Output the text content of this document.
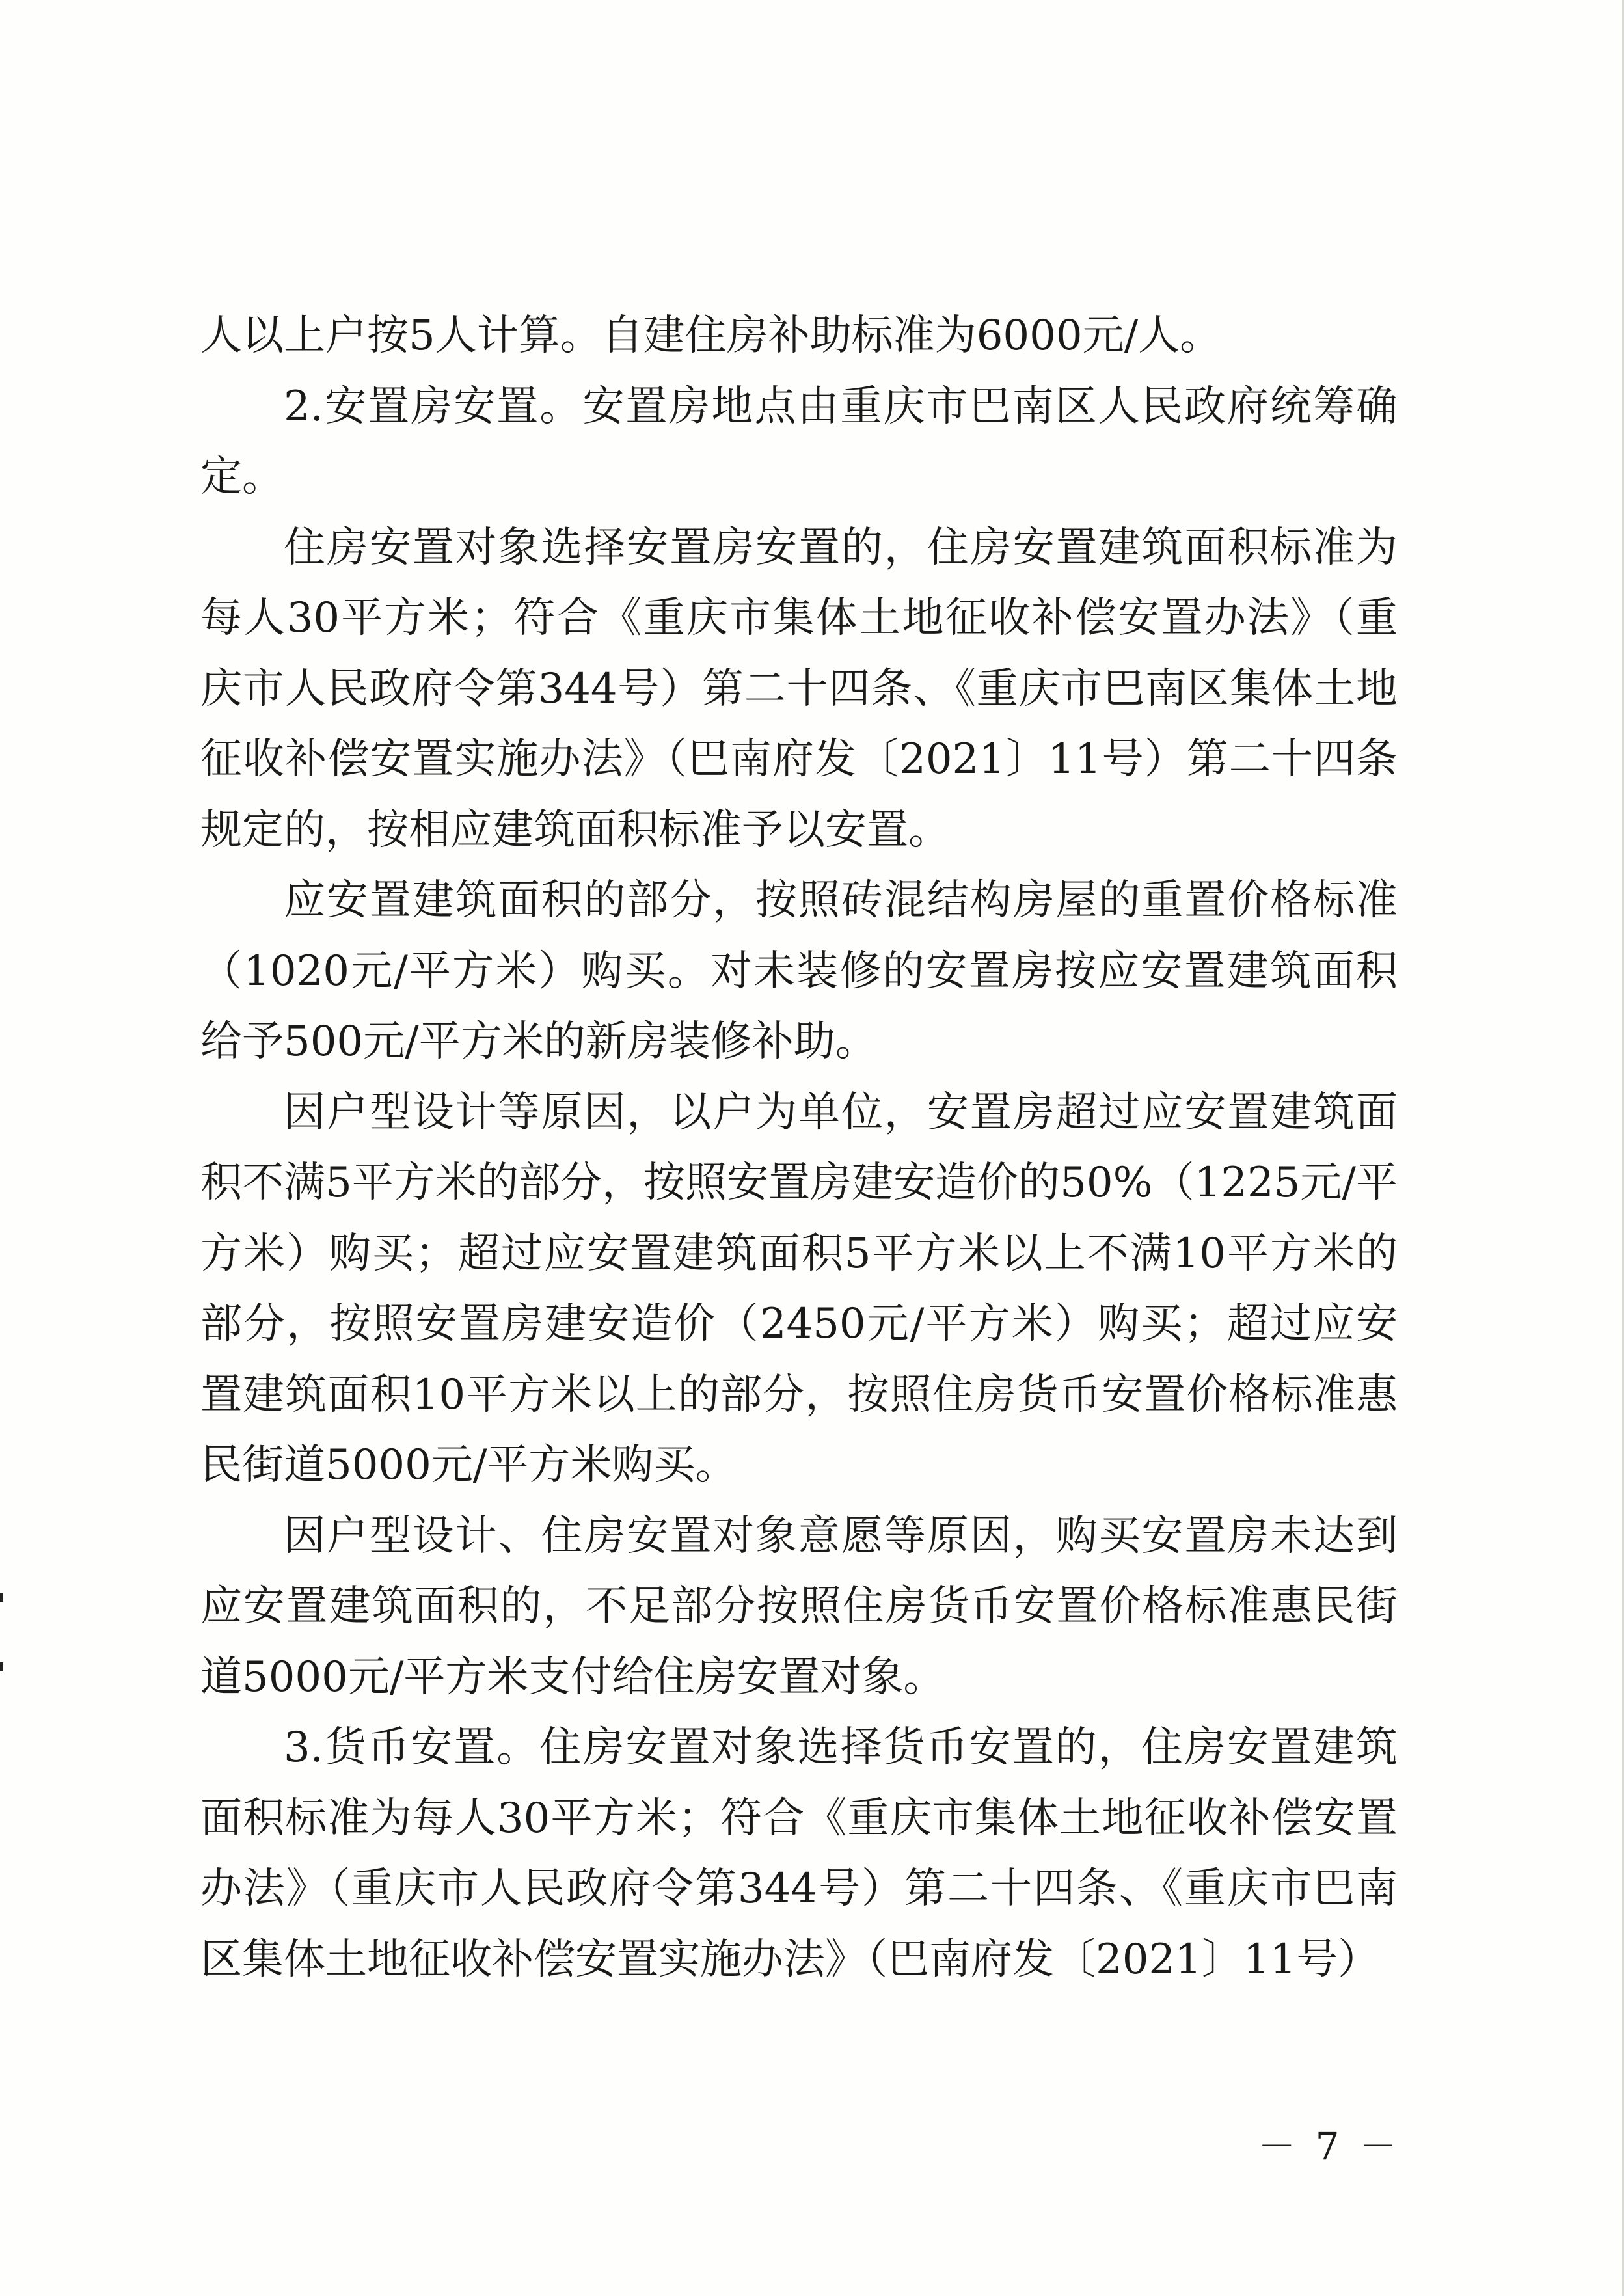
人以上户按5人计算。自建住房补助标准为6000元/人。

2.安置房安置。安置房地点由重庆市巴南区人民政府统筹确定。

住房安置对象选择安置房安置的，住房安置建筑面积标准为每人30平方米；符合《重庆市集体土地征收补偿安置办法》（重庆市人民政府令第344号）第二十四条、《重庆市巴南区集体土地征收补偿安置实施办法》（巴南府发〔2021〕11号）第二十四条规定的，按相应建筑面积标准予以安置。

应安置建筑面积的部分，按照砖混结构房屋的重置价格标准（1020元/平方米）购买。对未装修的安置房按应安置建筑面积给予500元/平方米的新房装修补助。

因户型设计等原因，以户为单位，安置房超过应安置建筑面积不满5平方米的部分，按照安置房建安造价的50%（1225元/平方米）购买；超过应安置建筑面积5平方米以上不满10平方米的部分，按照安置房建安造价（2450元/平方米）购买；超过应安置建筑面积10平方米以上的部分，按照住房货币安置价格标准惠民街道5000元/平方米购买。

因户型设计、住房安置对象意愿等原因，购买安置房未达到应安置建筑面积的，不足部分按照住房货币安置价格标准惠民街道5000元/平方米支付给住房安置对象。

3.货币安置。住房安置对象选择货币安置的，住房安置建筑面积标准为每人30平方米；符合《重庆市集体土地征收补偿安置办法》（重庆市人民政府令第344号）第二十四条、《重庆市巴南区集体土地征收补偿安置实施办法》（巴南府发〔2021〕11号）

－ 7 －
